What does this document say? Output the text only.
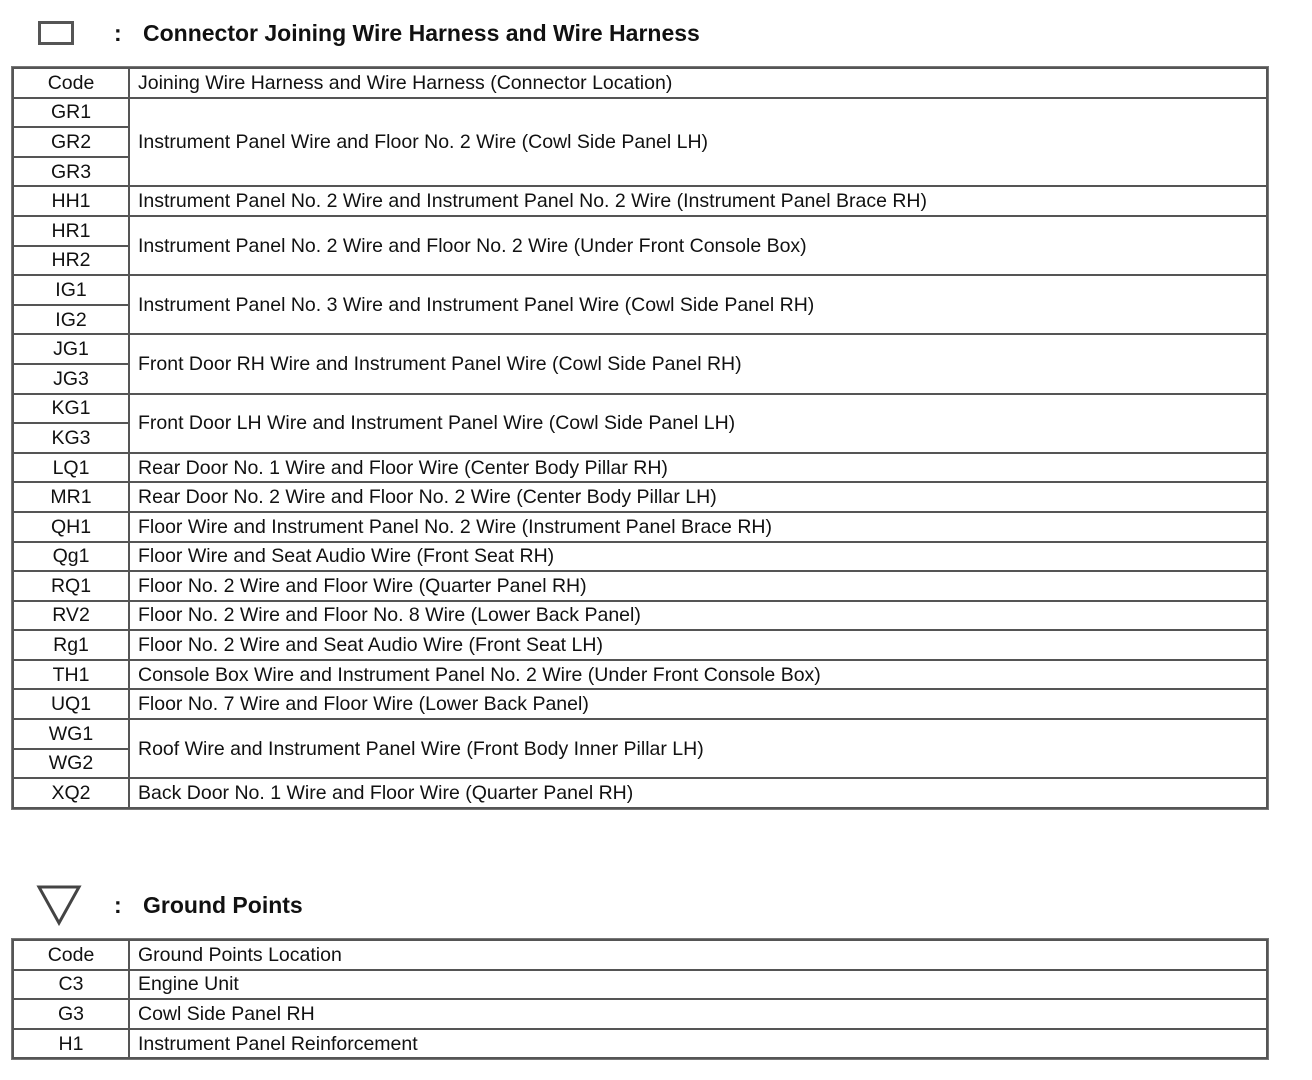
: Connector Joining Wire Harness and Wire Harness
Code	Joining Wire Harness and Wire Harness (Connector Location)
GR1	Instrument Panel Wire and Floor No. 2 Wire (Cowl Side Panel LH)
GR2	
GR3	
HH1	Instrument Panel No. 2 Wire and Instrument Panel No. 2 Wire (Instrument Panel Brace RH)
HR1	Instrument Panel No. 2 Wire and Floor No. 2 Wire (Under Front Console Box)
HR2	
IG1	Instrument Panel No. 3 Wire and Instrument Panel Wire (Cowl Side Panel RH)
IG2	
JG1	Front Door RH Wire and Instrument Panel Wire (Cowl Side Panel RH)
JG3	
KG1	Front Door LH Wire and Instrument Panel Wire (Cowl Side Panel LH)
KG3	
LQ1	Rear Door No. 1 Wire and Floor Wire (Center Body Pillar RH)
MR1	Rear Door No. 2 Wire and Floor No. 2 Wire (Center Body Pillar LH)
QH1	Floor Wire and Instrument Panel No. 2 Wire (Instrument Panel Brace RH)
Qg1	Floor Wire and Seat Audio Wire (Front Seat RH)
RQ1	Floor No. 2 Wire and Floor Wire (Quarter Panel RH)
RV2	Floor No. 2 Wire and Floor No. 8 Wire (Lower Back Panel)
Rg1	Floor No. 2 Wire and Seat Audio Wire (Front Seat LH)
TH1	Console Box Wire and Instrument Panel No. 2 Wire (Under Front Console Box)
UQ1	Floor No. 7 Wire and Floor Wire (Lower Back Panel)
WG1	Roof Wire and Instrument Panel Wire (Front Body Inner Pillar LH)
WG2	
XQ2	Back Door No. 1 Wire and Floor Wire (Quarter Panel RH)
: Ground Points
Code	Ground Points Location
C3	Engine Unit
G3	Cowl Side Panel RH
H1	Instrument Panel Reinforcement
